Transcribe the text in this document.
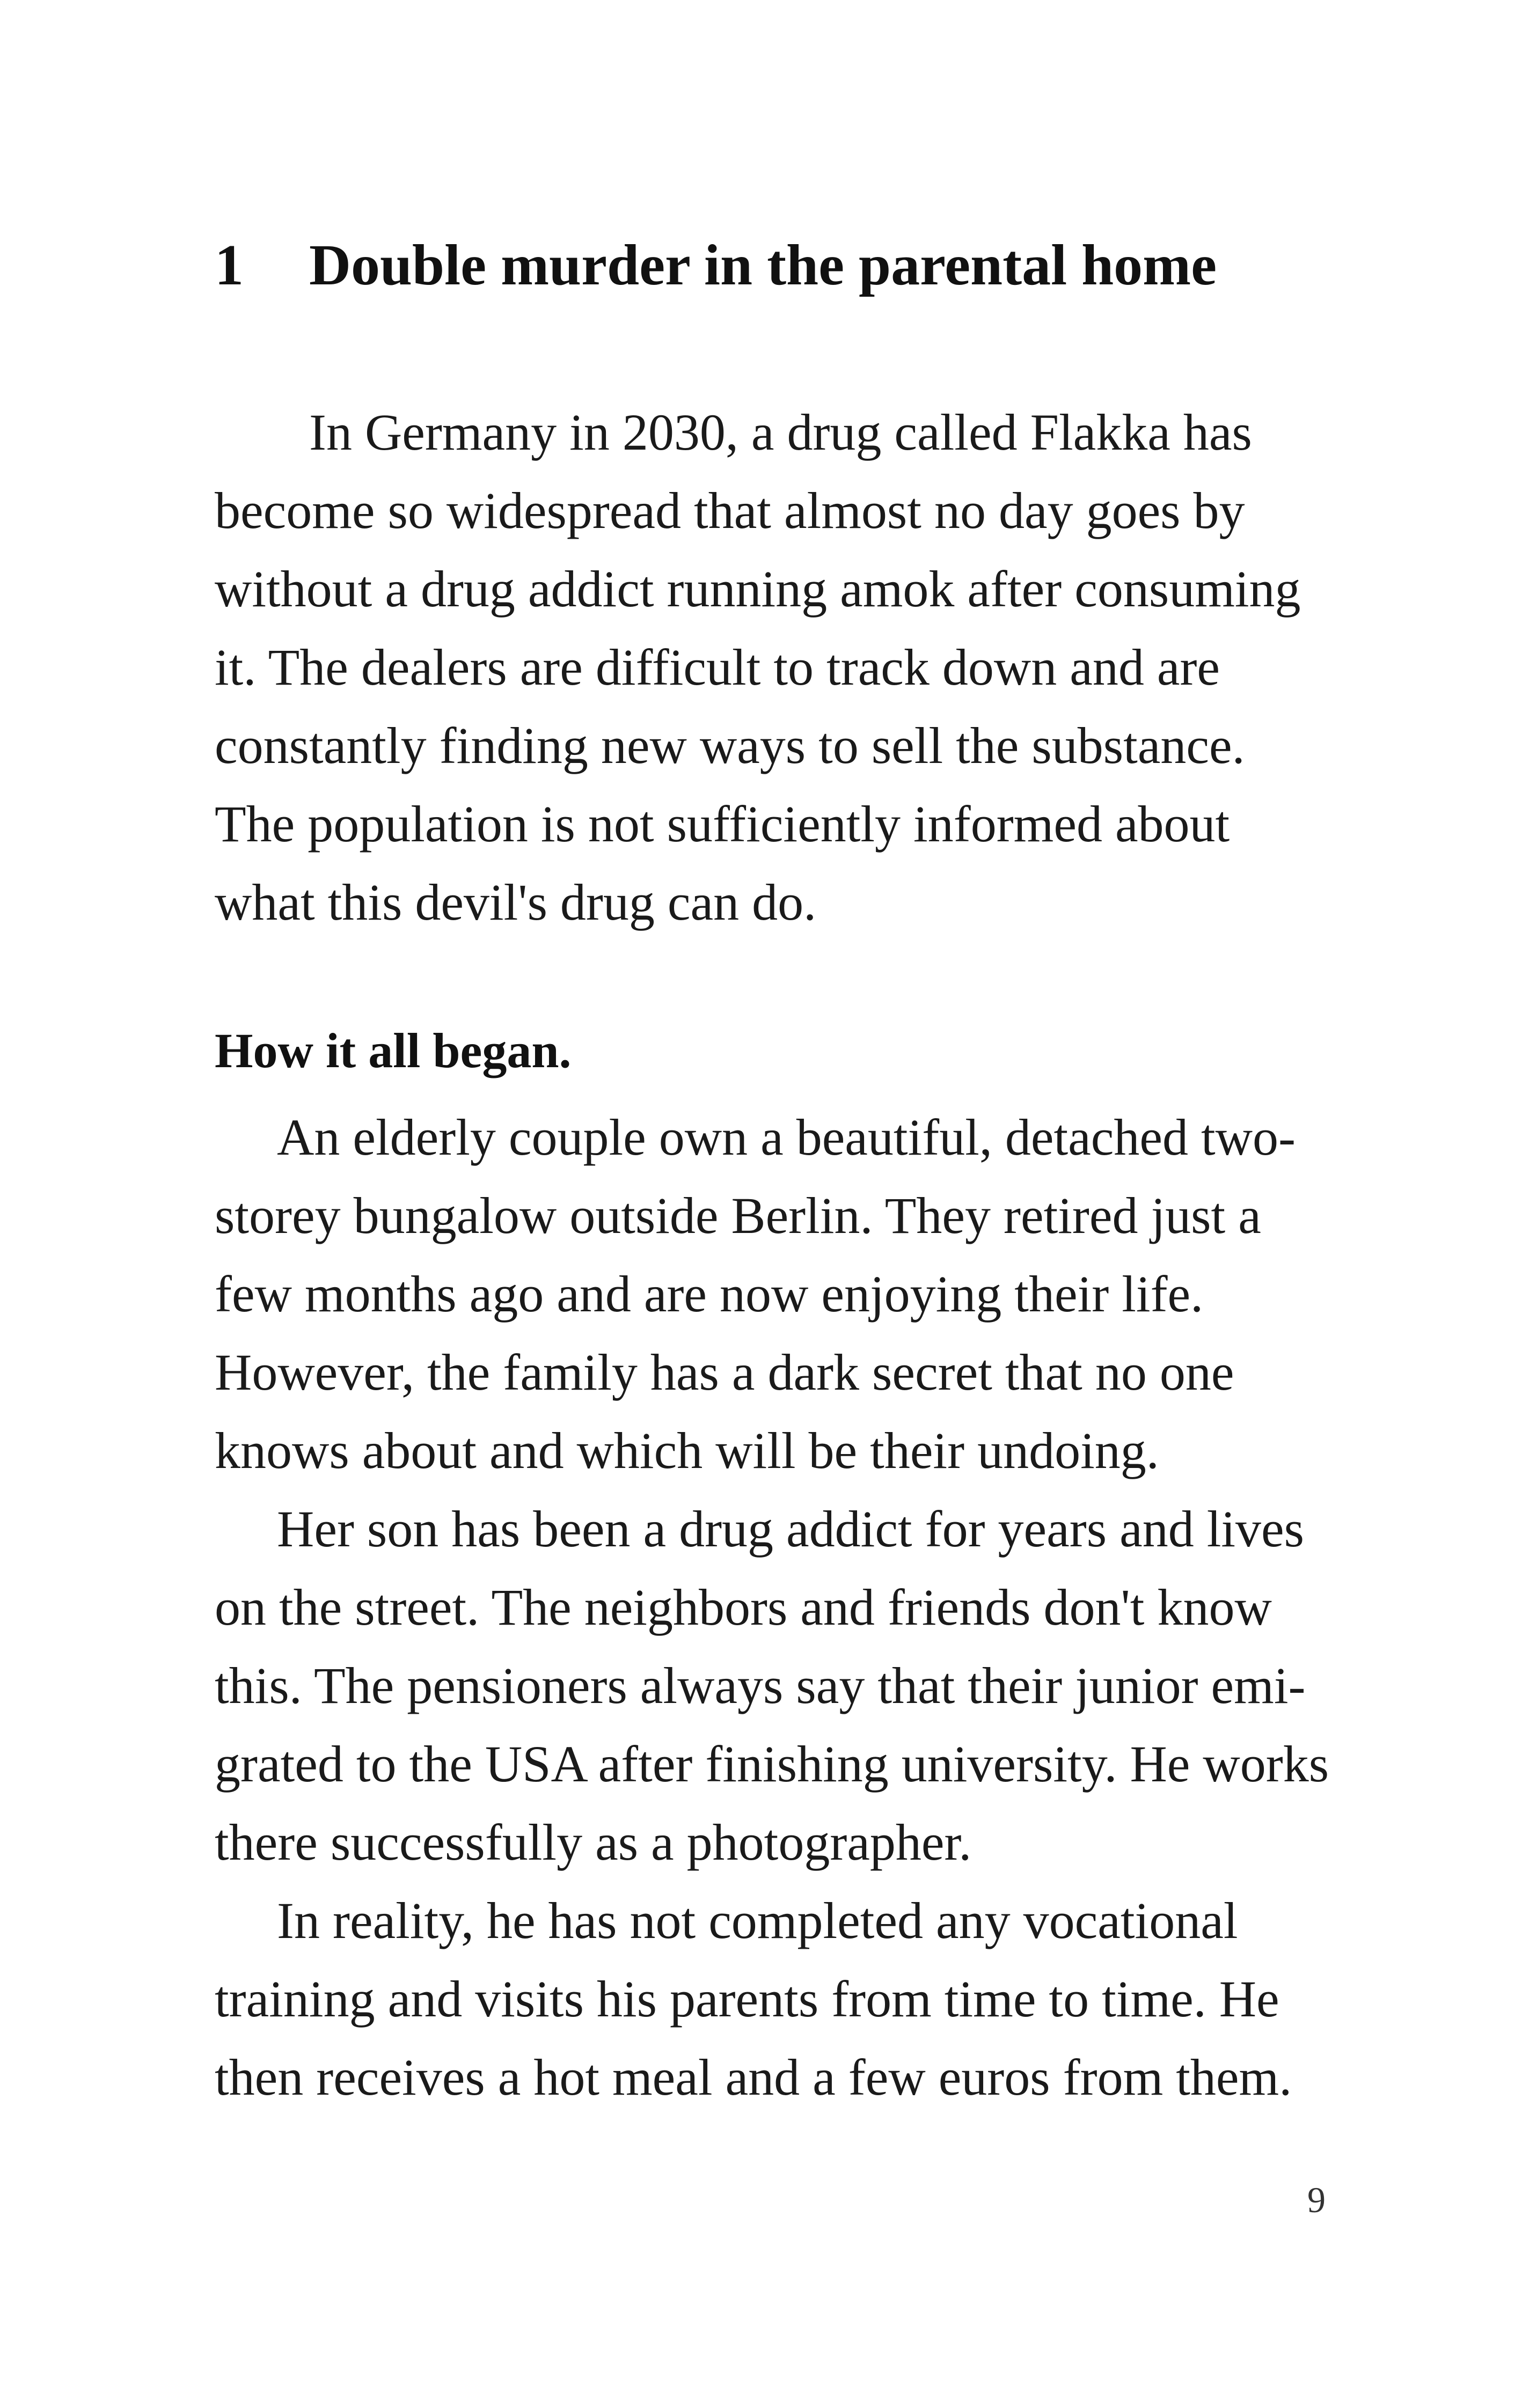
1 Double murder in the parental home
In Germany in 2030, a drug called Flakka has
become so widespread that almost no day goes by
without a drug addict running amok after consuming
it. The dealers are difficult to track down and are
constantly finding new ways to sell the substance.
The population is not sufficiently informed about
what this devil's drug can do.
How it all began.
An elderly couple own a beautiful, detached two-
storey bungalow outside Berlin. They retired just a
few months ago and are now enjoying their life.
However, the family has a dark secret that no one
knows about and which will be their undoing.
Her son has been a drug addict for years and lives
on the street. The neighbors and friends don't know
this. The pensioners always say that their junior emi-
grated to the USA after finishing university. He works
there successfully as a photographer.
In reality, he has not completed any vocational
training and visits his parents from time to time. He
then receives a hot meal and a few euros from them.
9
